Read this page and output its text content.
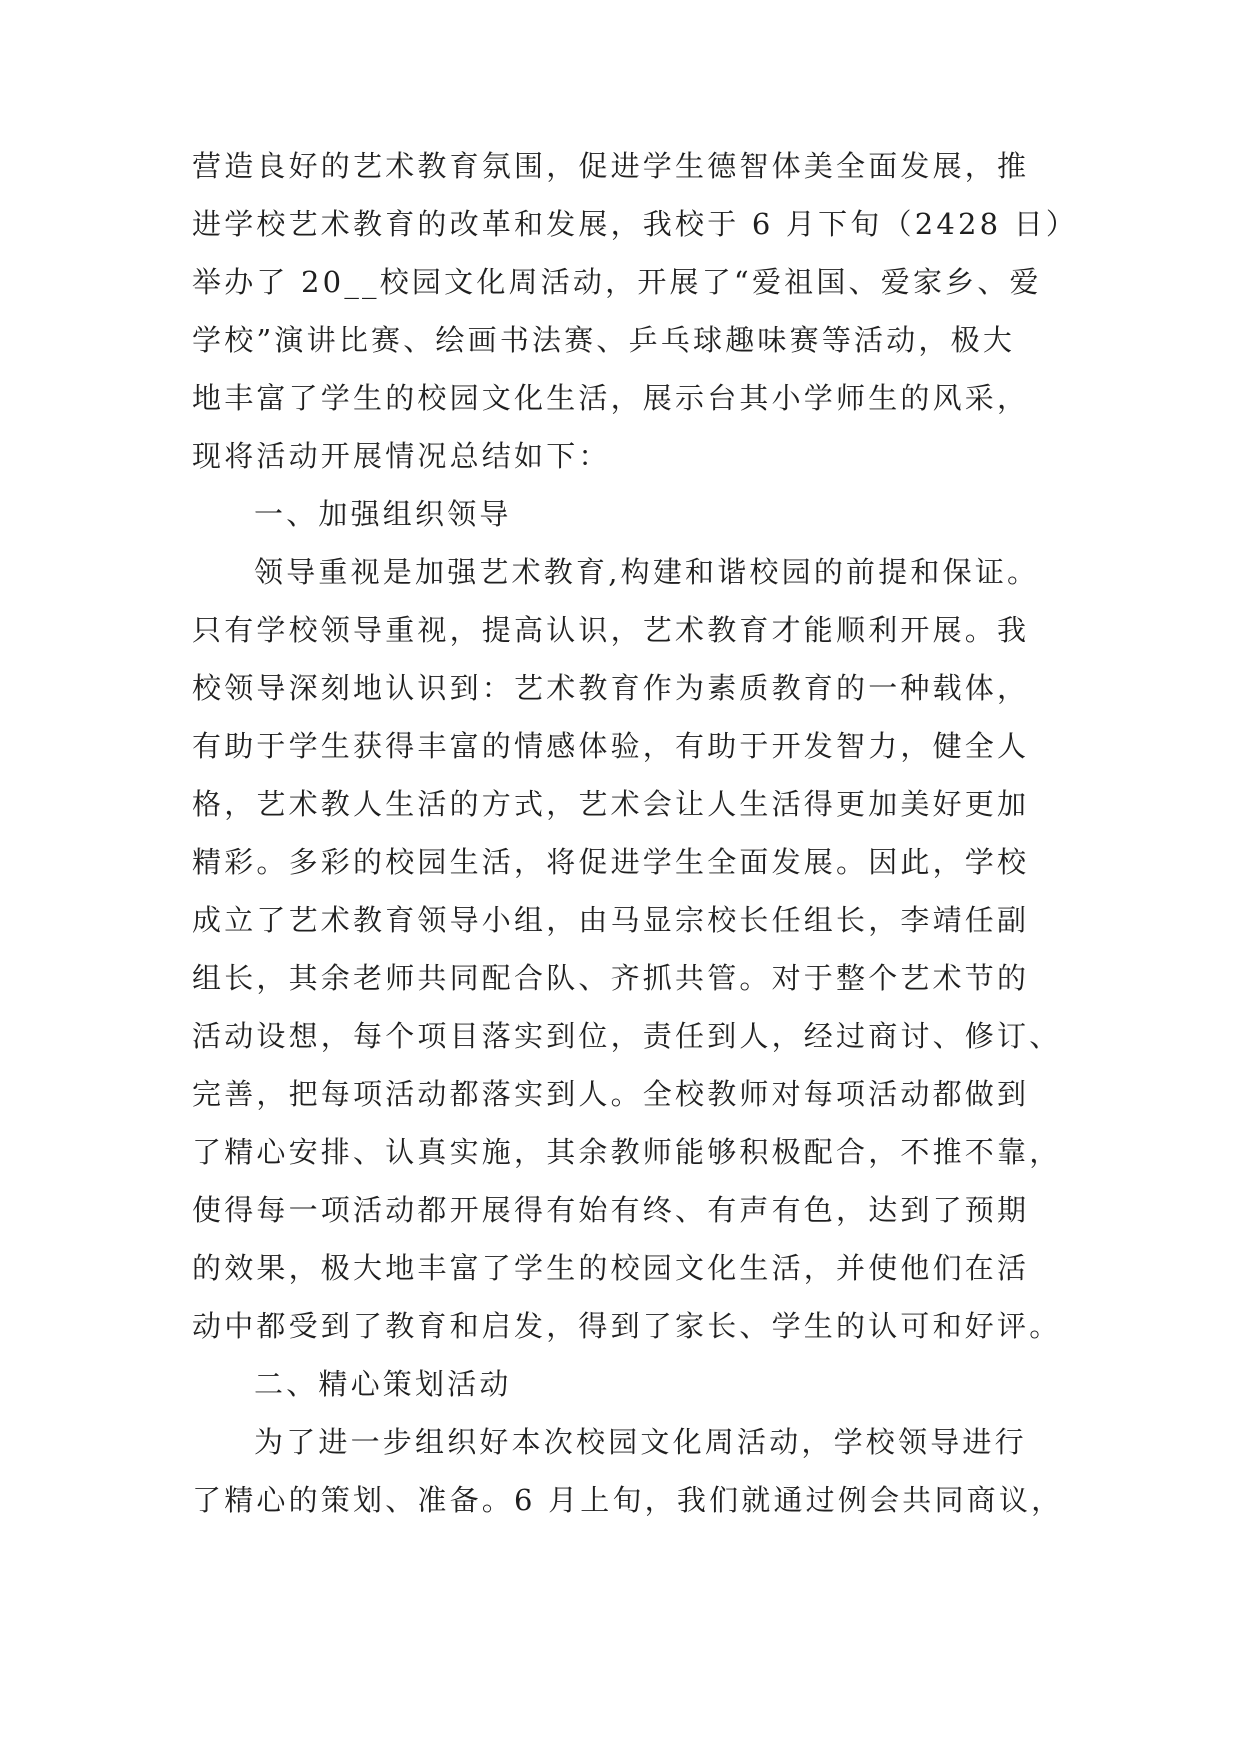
营造良好的艺术教育氛围，促进学生德智体美全面发展，推
进学校艺术教育的改革和发展，我校于 6 月下旬（2428 日）
举办了 20__校园文化周活动，开展了“爱祖国、爱家乡、爱
学校”演讲比赛、绘画书法赛、乒乓球趣味赛等活动，极大
地丰富了学生的校园文化生活，展示台其小学师生的风采，
现将活动开展情况总结如下：
一、加强组织领导
领导重视是加强艺术教育,构建和谐校园的前提和保证。
只有学校领导重视，提高认识，艺术教育才能顺利开展。我
校领导深刻地认识到：艺术教育作为素质教育的一种载体，
有助于学生获得丰富的情感体验，有助于开发智力，健全人
格，艺术教人生活的方式，艺术会让人生活得更加美好更加
精彩。多彩的校园生活，将促进学生全面发展。因此，学校
成立了艺术教育领导小组，由马显宗校长任组长，李靖任副
组长，其余老师共同配合队、齐抓共管。对于整个艺术节的
活动设想，每个项目落实到位，责任到人，经过商讨、修订、
完善，把每项活动都落实到人。全校教师对每项活动都做到
了精心安排、认真实施，其余教师能够积极配合，不推不靠，
使得每一项活动都开展得有始有终、有声有色，达到了预期
的效果，极大地丰富了学生的校园文化生活，并使他们在活
动中都受到了教育和启发，得到了家长、学生的认可和好评。
二、精心策划活动
为了进一步组织好本次校园文化周活动，学校领导进行
了精心的策划、准备。6 月上旬，我们就通过例会共同商议，
